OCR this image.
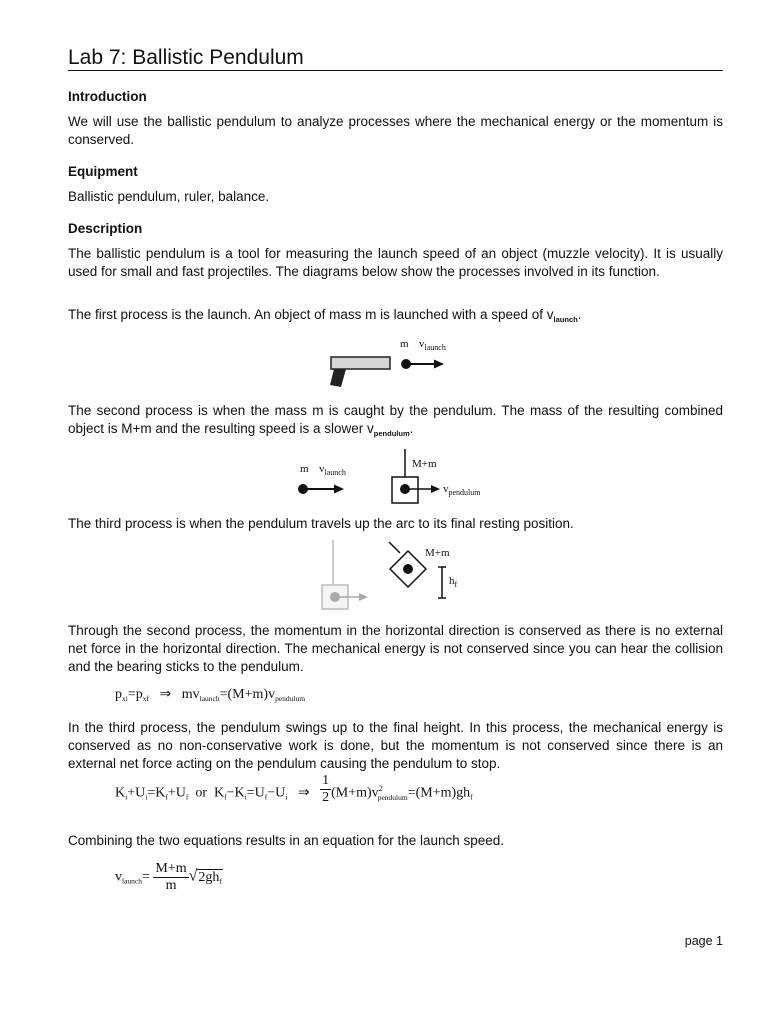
Lab 7: Ballistic Pendulum
Introduction
We will use the ballistic pendulum to analyze processes where the mechanical energy or the momentum is conserved.
Equipment
Ballistic pendulum, ruler, balance.
Description
The ballistic pendulum is a tool for measuring the launch speed of an object (muzzle velocity). It is usually used for small and fast projectiles. The diagrams below show the processes involved in its function.
The first process is the launch. An object of mass m is launched with a speed of $v_{launch}$.
m $v_{launch}$
The second process is when the mass m is caught by the pendulum. The mass of the resulting combined object is M+m and the resulting speed is a slower $v_{pendulum}$.
m $v_{launch}$
M+m
$v_{pendulum}$
The third process is when the pendulum travels up the arc to its final resting position.
M+m
$h_f$
Through the second process, the momentum in the horizontal direction is conserved as there is no external net force in the horizontal direction. The mechanical energy is not conserved since you can hear the collision and the bearing sticks to the pendulum.
$p_{xi}=p_{xf}$ ⇒ $mv_{launch}=(M+m)v_{pendulum}$
In the third process, the pendulum swings up to the final height. In this process, the mechanical energy is conserved as no non-conservative work is done, but the momentum is not conserved since there is an external net force acting on the pendulum causing the pendulum to stop.
$K_i+U_i=K_f+U_f$ or $K_f-K_i=U_f-U_i$ ⇒ $\frac{1}{2} (M+m)v^2_{pendulum}=(M+m)gh_f$
Combining the two equations results in an equation for the launch speed.
$v_{launch}= \frac{M+m}{m} √2gh_f$
page 1
